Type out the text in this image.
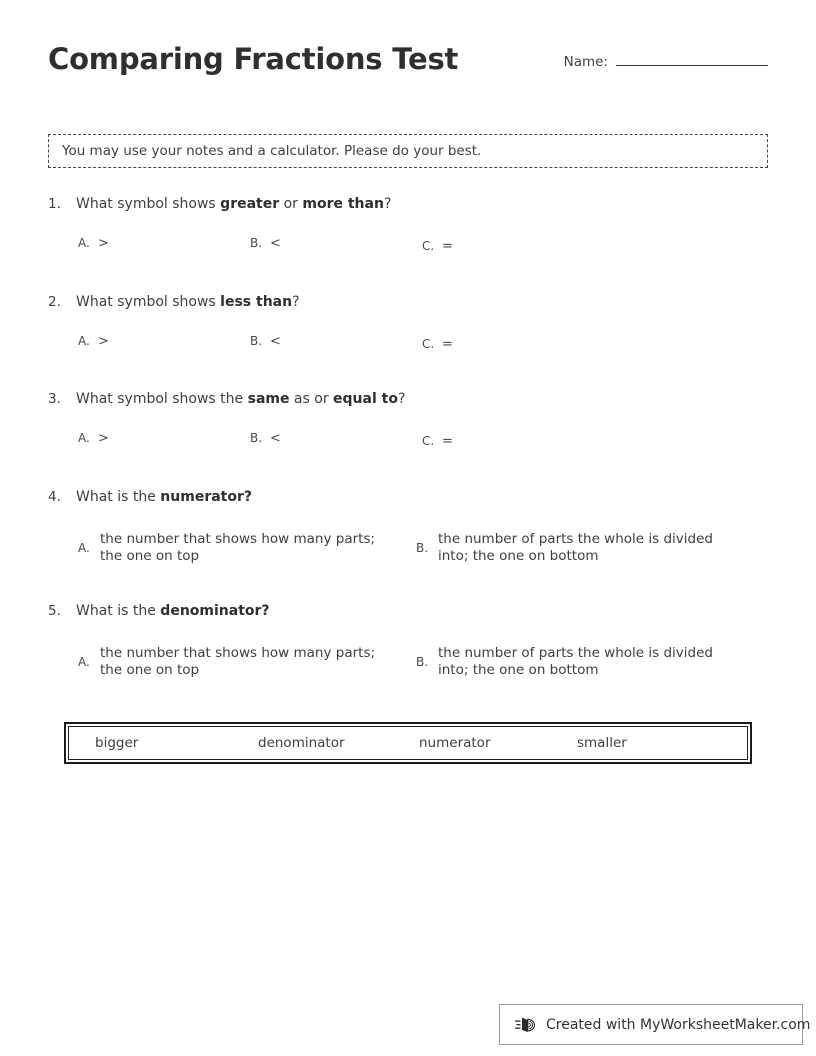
Comparing Fractions Test	Name:
You may use your notes and a calculator. Please do your best.
1. What symbol shows greater or more than?
A. >	B. <	C. =
2. What symbol shows less than?
A. >	B. <	C. =
3. What symbol shows the same as or equal to?
A. >	B. <	C. =
4. What is the numerator?
A.
the number that shows how many parts; the one on top	B.
the number of parts the whole is divided into; the one on bottom
5. What is the denominator?
A.
the number that shows how many parts; the one on top	B.
the number of parts the whole is divided into; the one on bottom
bigger	denominator	numerator	smaller
Created with MyWorksheetMaker.com
